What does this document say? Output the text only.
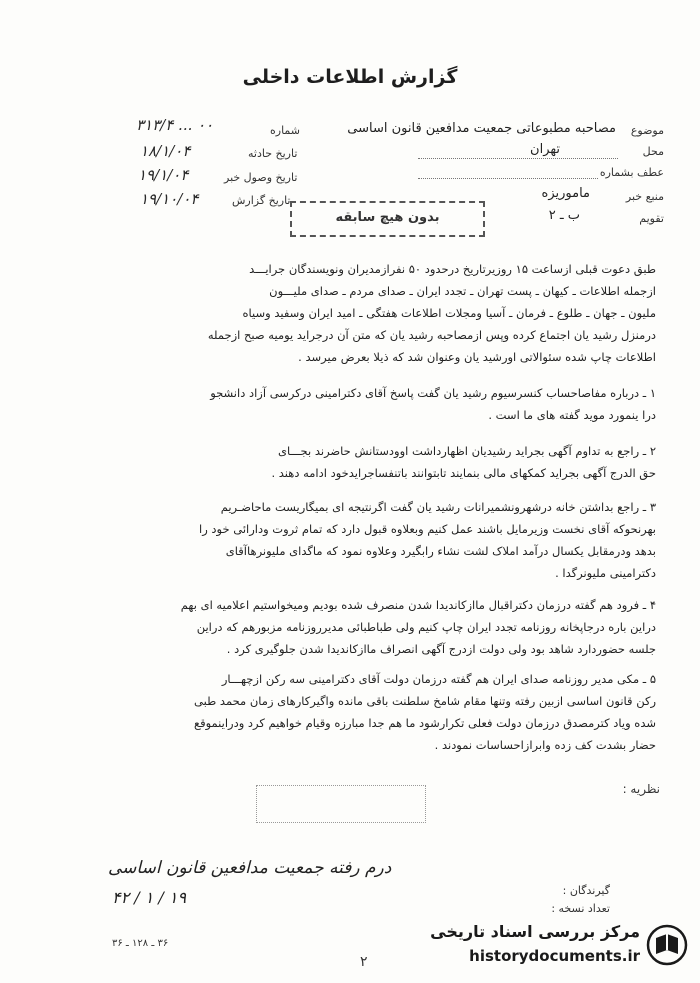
گزارش اطلاعات داخلی
موضوع
مصاحبه مطبوعاتی جمعیت مدافعین قانون اساسی
محل
تهران
عطف بشماره
منبع خبر
ماموریزه
تقویم
ب ـ ۲
شماره
۳۱۳/۴ ... ۰۰
تاریخ حادثه
۱۸/۱/۰۴
تاریخ وصول خبر
۱۹/۱/۰۴
تاریخ گزارش
۱۹/۱۰/۰۴
بدون هیچ سابقه
طبق دعوت قبلی ازساعت ۱۵ روزیرتاریخ درحدود ۵۰ نفرازمدیران ونویسندگان جرایـــد
ازجمله اطلاعات ـ کیهان ـ پست تهران ـ تجدد ایران ـ صدای مردم ـ صدای ملیـــون
ملیون ـ جهان ـ طلوع ـ فرمان ـ آسیا ومجلات اطلاعات هفتگی ـ امید ایران وسفید وسیاه
درمنزل رشید یان اجتماع کرده وپس ازمصاحبه رشید یان که متن آن درجراید یومیه صبح ازجمله
اطلاعات چاپ شده سئوالاتی اورشید یان وعنوان شد که ذیلا بعرض میرسد .
۱ ـ درباره مفاصاحساب کنسرسیوم رشید یان گفت پاسخ آقای دکترامینی درکرسی آزاد دانشجو
درا ینمورد موید گفته های ما است .
۲ ـ راجع به تداوم آگهی بجراید رشیدیان اظهارداشت اوودستانش حاضرند بجـــای
حق الدرج آگهی بجراید کمکهای مالی بنمایند تابتوانند باتنفساجرایدخود ادامه دهند .
۳ ـ راجع بداشتن خانه درشهرونشمیرانات رشید یان گفت اگرنتیجه ای بمیگاریست ماحاضـریم
بهرنحوکه آقای نخست وزیرمایل باشند عمل کنیم وبعلاوه قبول دارد که تمام ثروت ودارائی خود را
بدهد ودرمقابل یکسال درآمد املاک لشت نشاء رابگیرد وعلاوه نمود که ماگدای ملیونرهاآقای
دکترامینی ملیونرگدا .
۴ ـ فرود هم گفته درزمان دکتراقبال ماازکاندیدا شدن منصرف شده بودیم ومیخواستیم اعلامیه ای بهم
دراین باره درجاپخانه روزنامه تجدد ایران چاپ کنیم ولی طباطبائی مدیرروزنامه مزبورهم که دراین
جلسه حضوردارد شاهد بود ولی دولت ازدرج آگهی انصراف ماازکاندیدا شدن جلوگیری کرد .
۵ ـ مکی مدیر روزنامه صدای ایران هم گفته درزمان دولت آقای دکترامینی سه رکن ازچهـــار
رکن قانون اساسی ازبین رفته وتنها مقام شامخ سلطنت باقی مانده واگیرکارهای زمان محمد طبی
شده ویاد کترمصدق درزمان دولت فعلی تکرارشود ما هم جدا مبارزه وقیام خواهیم کرد ودراینموقع
حضار بشدت کف زده وابرازاحساسات نمودند .
نظریه :
درم رفته جمعیت مدافعین قانون اساسی
۱۹ / ۱ / ۴۲	گیرندگان :
تعداد نسخه :
۳۶ ـ ۱۲۸ ـ ۳۶
۲
مرکز بررسی اسناد تاریخی
historydocuments.ir
